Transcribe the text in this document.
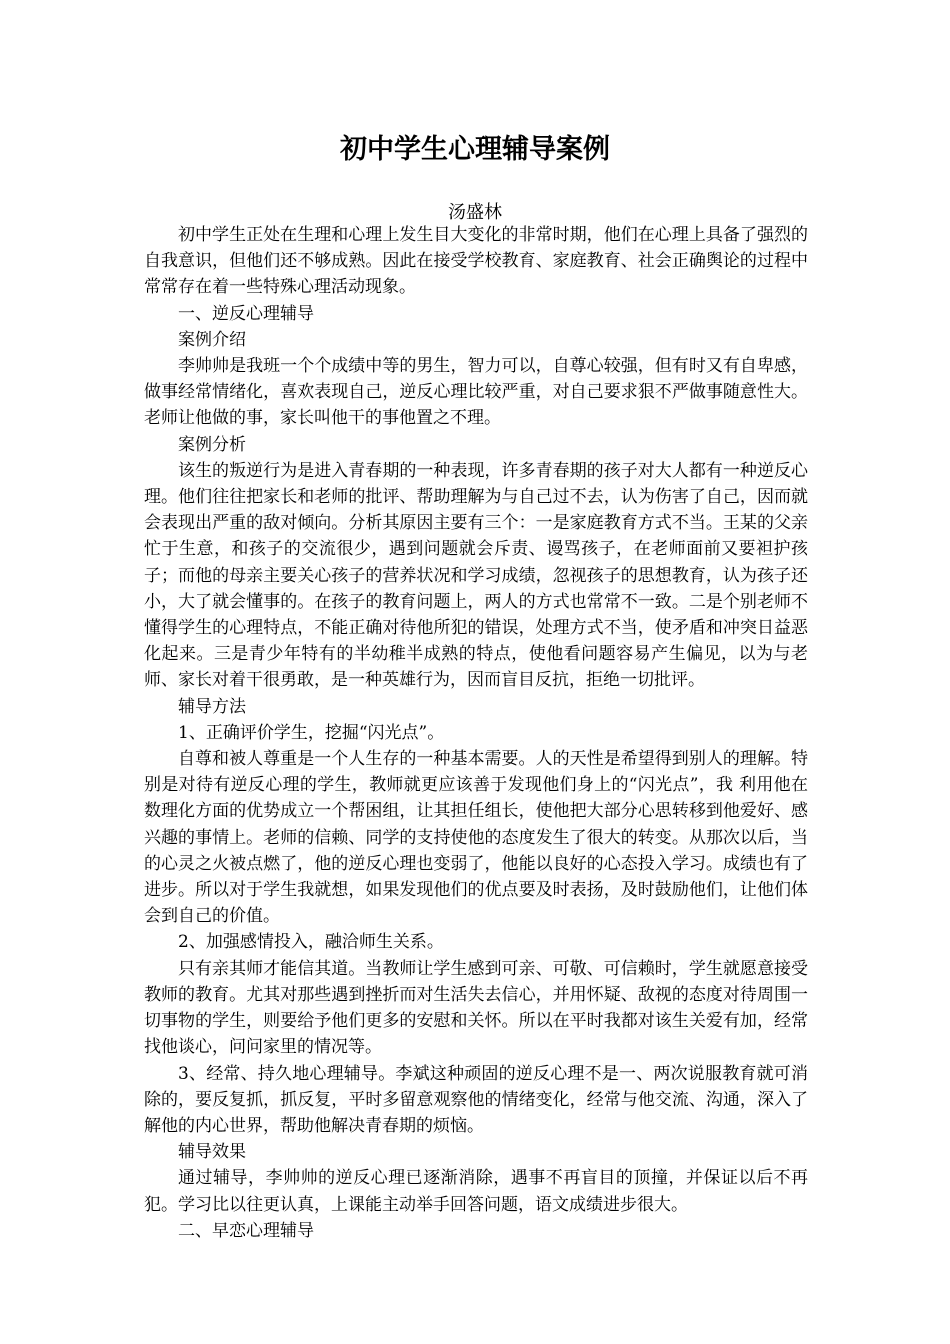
初中学生心理辅导案例
汤盛林

初中学生正处在生理和心理上发生目大变化的非常时期，他们在心理上具备了强烈的自我意识，但他们还不够成熟。因此在接受学校教育、家庭教育、社会正确舆论的过程中常常存在着一些特殊心理活动现象。

一、逆反心理辅导

案例介绍

李帅帅是我班一个个成绩中等的男生，智力可以，自尊心较强，但有时又有自卑感，做事经常情绪化，喜欢表现自己，逆反心理比较严重，对自己要求狠不严做事随意性大。老师让他做的事，家长叫他干的事他置之不理。

案例分析

该生的叛逆行为是进入青春期的一种表现，许多青春期的孩子对大人都有一种逆反心理。他们往往把家长和老师的批评、帮助理解为与自己过不去，认为伤害了自己，因而就会表现出严重的敌对倾向。分析其原因主要有三个：一是家庭教育方式不当。王某的父亲忙于生意，和孩子的交流很少，遇到问题就会斥责、谩骂孩子，在老师面前又要袒护孩子；而他的母亲主要关心孩子的营养状况和学习成绩，忽视孩子的思想教育，认为孩子还小，大了就会懂事的。在孩子的教育问题上，两人的方式也常常不一致。二是个别老师不懂得学生的心理特点，不能正确对待他所犯的错误，处理方式不当，使矛盾和冲突日益恶化起来。三是青少年特有的半幼稚半成熟的特点，使他看问题容易产生偏见，以为与老师、家长对着干很勇敢，是一种英雄行为，因而盲目反抗，拒绝一切批评。

辅导方法

1、正确评价学生，挖掘“闪光点”。

自尊和被人尊重是一个人生存的一种基本需要。人的天性是希望得到别人的理解。特别是对待有逆反心理的学生，教师就更应该善于发现他们身上的“闪光点”，我 利用他在数理化方面的优势成立一个帮困组，让其担任组长，使他把大部分心思转移到他爱好、感兴趣的事情上。老师的信赖、同学的支持使他的态度发生了很大的转变。从那次以后，当的心灵之火被点燃了，他的逆反心理也变弱了，他能以良好的心态投入学习。成绩也有了进步。所以对于学生我就想，如果发现他们的优点要及时表扬，及时鼓励他们，让他们体会到自己的价值。

2、加强感情投入，融洽师生关系。

只有亲其师才能信其道。当教师让学生感到可亲、可敬、可信赖时，学生就愿意接受教师的教育。尤其对那些遇到挫折而对生活失去信心，并用怀疑、敌视的态度对待周围一切事物的学生，则要给予他们更多的安慰和关怀。所以在平时我都对该生关爱有加，经常找他谈心，问问家里的情况等。

3、经常、持久地心理辅导。李斌这种顽固的逆反心理不是一、两次说服教育就可消除的，要反复抓，抓反复，平时多留意观察他的情绪变化，经常与他交流、沟通，深入了解他的内心世界，帮助他解决青春期的烦恼。

辅导效果

通过辅导，李帅帅的逆反心理已逐渐消除，遇事不再盲目的顶撞，并保证以后不再犯。学习比以往更认真，上课能主动举手回答问题，语文成绩进步很大。

二、早恋心理辅导
